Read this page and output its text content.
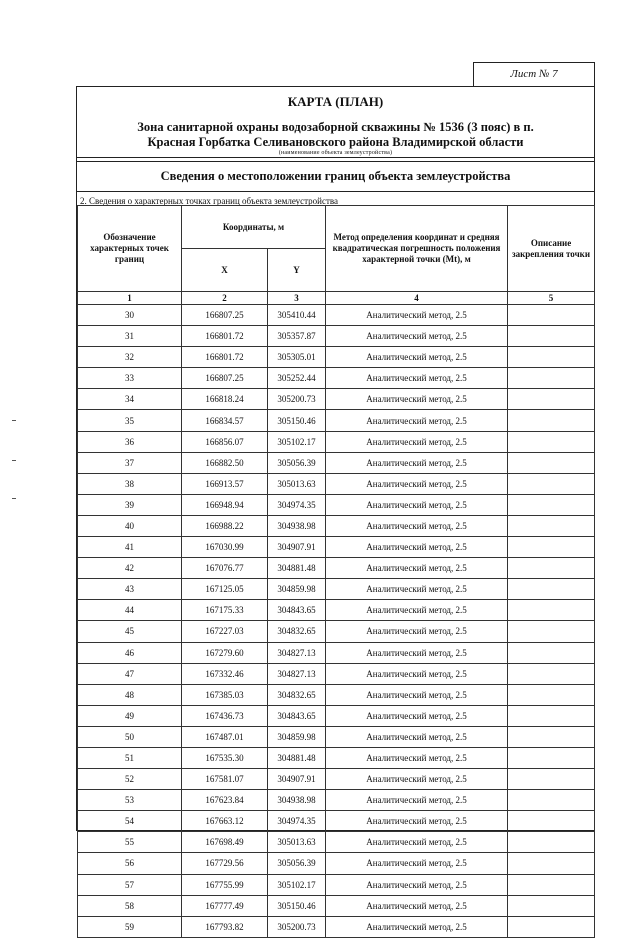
Лист № 7
КАРТА (ПЛАН)
Зона санитарной охраны водозаборной скважины № 1536 (3 пояс) в п.
Красная Горбатка Селивановского района Владимирской области
(наименование объекта землеустройства)
Сведения о местоположении границ объекта землеустройства
2. Сведения о характерных точках границ объекта землеустройства
Обозначение характерных точек границ	Координаты, м		Метод определения координат и средняя квадратическая погрешность положения характерной точки (Mt), м	Описание закрепления точки
	X	Y		
1	2	3	4	5
30	166807.25	305410.44	Аналитический метод, 2.5	
31	166801.72	305357.87	Аналитический метод, 2.5	
32	166801.72	305305.01	Аналитический метод, 2.5	
33	166807.25	305252.44	Аналитический метод, 2.5	
34	166818.24	305200.73	Аналитический метод, 2.5	
35	166834.57	305150.46	Аналитический метод, 2.5	
36	166856.07	305102.17	Аналитический метод, 2.5	
37	166882.50	305056.39	Аналитический метод, 2.5	
38	166913.57	305013.63	Аналитический метод, 2.5	
39	166948.94	304974.35	Аналитический метод, 2.5	
40	166988.22	304938.98	Аналитический метод, 2.5	
41	167030.99	304907.91	Аналитический метод, 2.5	
42	167076.77	304881.48	Аналитический метод, 2.5	
43	167125.05	304859.98	Аналитический метод, 2.5	
44	167175.33	304843.65	Аналитический метод, 2.5	
45	167227.03	304832.65	Аналитический метод, 2.5	
46	167279.60	304827.13	Аналитический метод, 2.5	
47	167332.46	304827.13	Аналитический метод, 2.5	
48	167385.03	304832.65	Аналитический метод, 2.5	
49	167436.73	304843.65	Аналитический метод, 2.5	
50	167487.01	304859.98	Аналитический метод, 2.5	
51	167535.30	304881.48	Аналитический метод, 2.5	
52	167581.07	304907.91	Аналитический метод, 2.5	
53	167623.84	304938.98	Аналитический метод, 2.5	
54	167663.12	304974.35	Аналитический метод, 2.5	
55	167698.49	305013.63	Аналитический метод, 2.5	
56	167729.56	305056.39	Аналитический метод, 2.5	
57	167755.99	305102.17	Аналитический метод, 2.5	
58	167777.49	305150.46	Аналитический метод, 2.5	
59	167793.82	305200.73	Аналитический метод, 2.5	
